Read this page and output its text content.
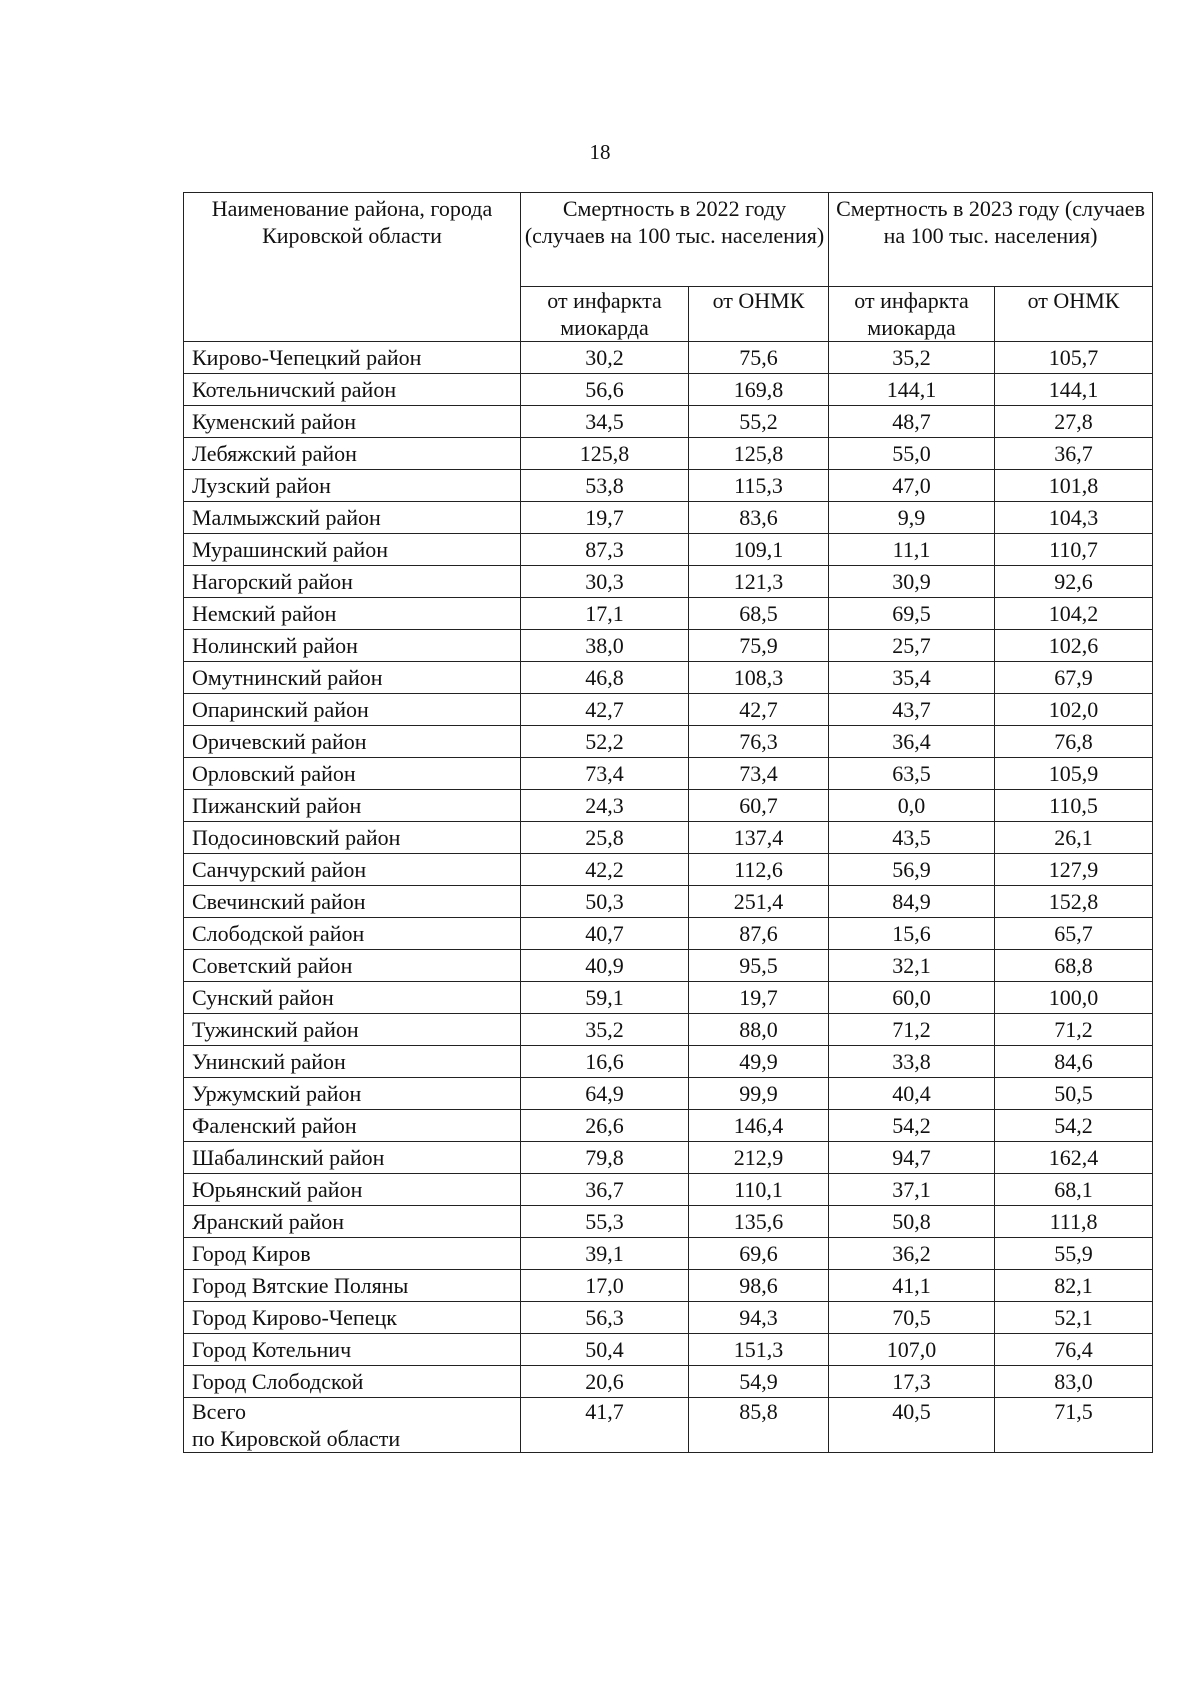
18
Наименование района, города Кировской области	Смертность в 2022 году (случаев на 100 тыс. населения)		Смертность в 2023 году (случаев на 100 тыс. населения)	
	от инфаркта миокарда	от ОНМК	от инфаркта миокарда	от ОНМК
Кирово-Чепецкий район	30,2	75,6	35,2	105,7
Котельничский район	56,6	169,8	144,1	144,1
Куменский район	34,5	55,2	48,7	27,8
Лебяжский район	125,8	125,8	55,0	36,7
Лузский район	53,8	115,3	47,0	101,8
Малмыжский район	19,7	83,6	9,9	104,3
Мурашинский район	87,3	109,1	11,1	110,7
Нагорский район	30,3	121,3	30,9	92,6
Немский район	17,1	68,5	69,5	104,2
Нолинский район	38,0	75,9	25,7	102,6
Омутнинский район	46,8	108,3	35,4	67,9
Опаринский район	42,7	42,7	43,7	102,0
Оричевский район	52,2	76,3	36,4	76,8
Орловский район	73,4	73,4	63,5	105,9
Пижанский район	24,3	60,7	0,0	110,5
Подосиновский район	25,8	137,4	43,5	26,1
Санчурский район	42,2	112,6	56,9	127,9
Свечинский район	50,3	251,4	84,9	152,8
Слободской район	40,7	87,6	15,6	65,7
Советский район	40,9	95,5	32,1	68,8
Сунский район	59,1	19,7	60,0	100,0
Тужинский район	35,2	88,0	71,2	71,2
Унинский район	16,6	49,9	33,8	84,6
Уржумский район	64,9	99,9	40,4	50,5
Фаленский район	26,6	146,4	54,2	54,2
Шабалинский район	79,8	212,9	94,7	162,4
Юрьянский район	36,7	110,1	37,1	68,1
Яранский район	55,3	135,6	50,8	111,8
Город Киров	39,1	69,6	36,2	55,9
Город Вятские Поляны	17,0	98,6	41,1	82,1
Город Кирово-Чепецк	56,3	94,3	70,5	52,1
Город Котельнич	50,4	151,3	107,0	76,4
Город Слободской	20,6	54,9	17,3	83,0
Всего
по Кировской области	41,7	85,8	40,5	71,5
